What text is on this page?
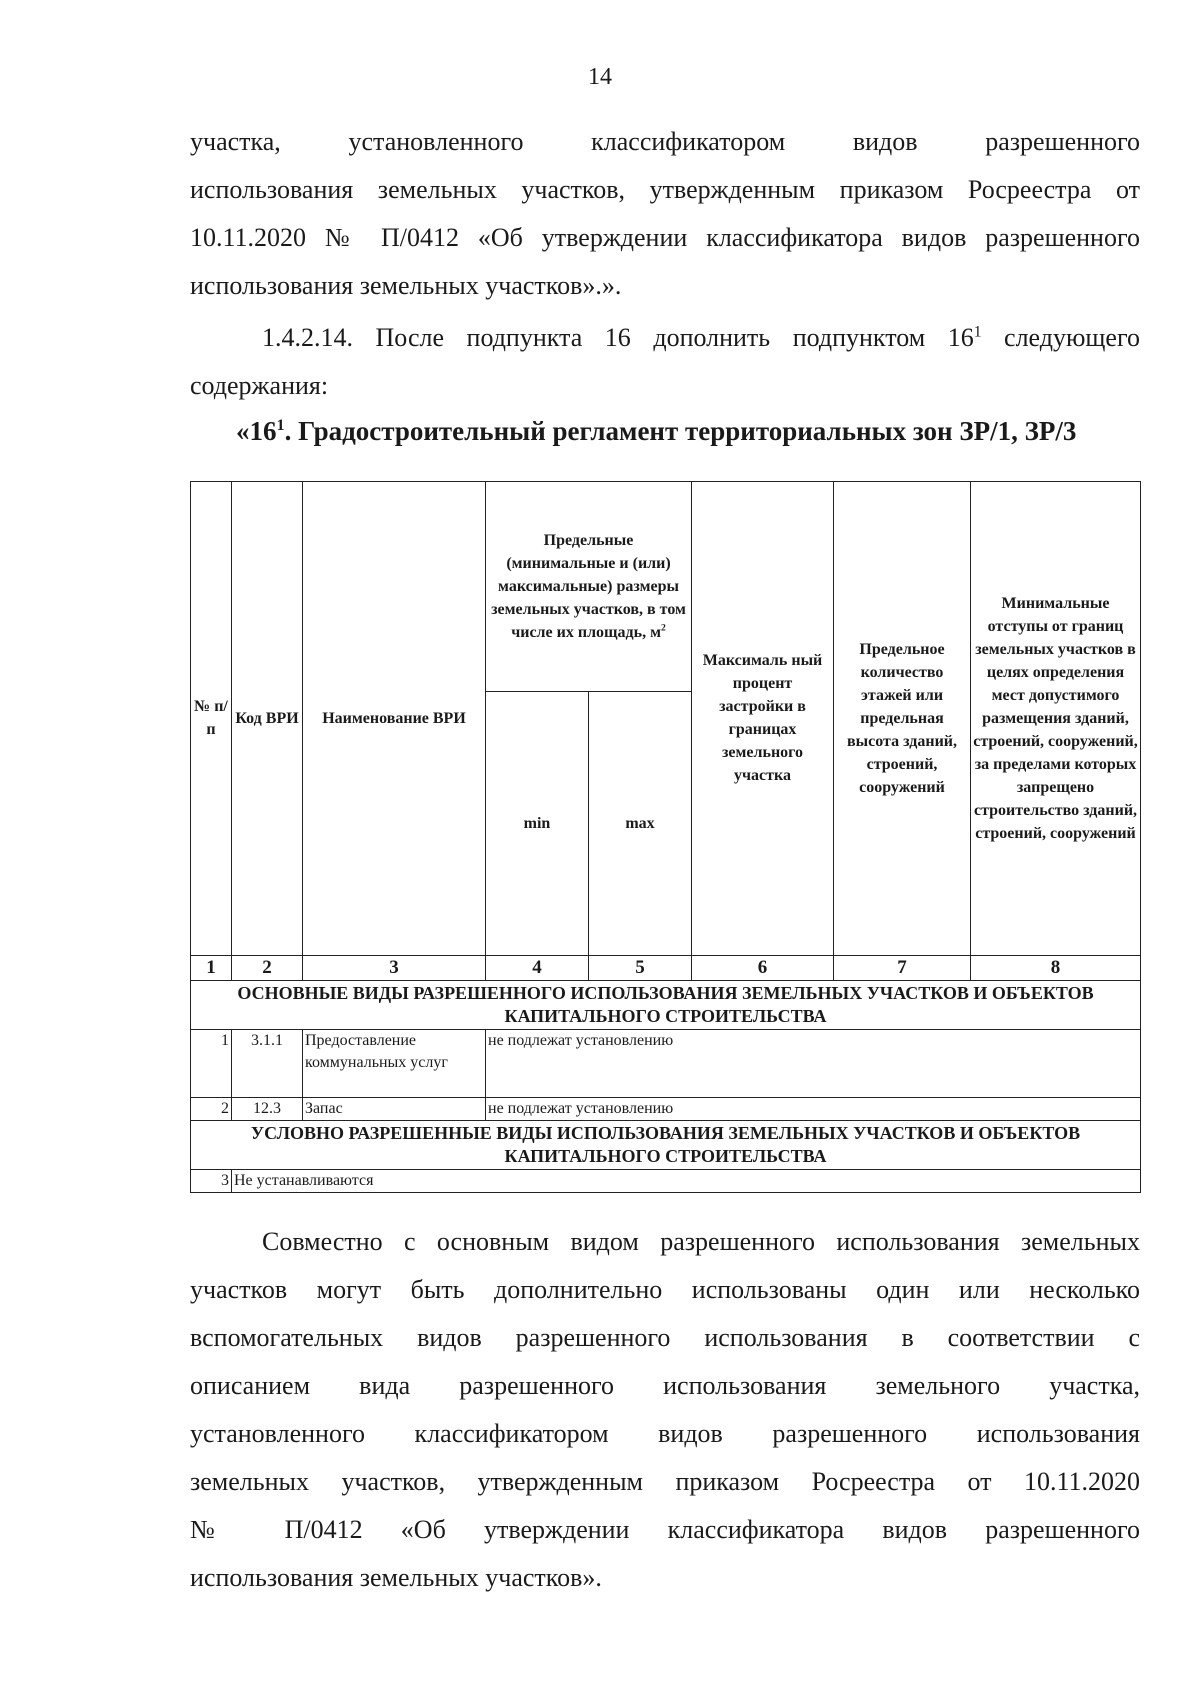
14
участка, установленного классификатором видов разрешенного
использования земельных участков, утвержденным приказом Росреестра от
10.11.2020 № П/0412 «Об утверждении классификатора видов разрешенного
использования земельных участков».».
1.4.2.14. После подпункта 16 дополнить подпунктом $16^1$ следующего содержания:
«$16^1$. Градостроительный регламент территориальных зон ЗР/1, ЗР/3
№ п/п	Код ВРИ	Наименование ВРИ	Предельные (минимальные и (или) максимальные) размеры земельных участков, в том числе их площадь, $м^2$		Максималь ный процент застройки в границах земельного участка	Предельное количество этажей или предельная высота зданий, строений, сооружений	Минимальные отступы от границ земельных участков в целях определения мест допустимого размещения зданий, строений, сооружений, за пределами которых запрещено строительство зданий, строений, сооружений
			min	max			
1	2	3	4	5	6	7	8
ОСНОВНЫЕ ВИДЫ РАЗРЕШЕННОГО ИСПОЛЬЗОВАНИЯ ЗЕМЕЛЬНЫХ УЧАСТКОВ И ОБЪЕКТОВ КАПИТАЛЬНОГО СТРОИТЕЛЬСТВА							
1	3.1.1	Предоставление коммунальных услуг	не подлежат установлению				
2	12.3	Запас	не подлежат установлению				
УСЛОВНО РАЗРЕШЕННЫЕ ВИДЫ ИСПОЛЬЗОВАНИЯ ЗЕМЕЛЬНЫХ УЧАСТКОВ И ОБЪЕКТОВ КАПИТАЛЬНОГО СТРОИТЕЛЬСТВА							
3	Не устанавливаются						
Совместно с основным видом разрешенного использования земельных
участков могут быть дополнительно использованы один или несколько
вспомогательных видов разрешенного использования в соответствии с
описанием вида разрешенного использования земельного участка,
установленного классификатором видов разрешенного использования
земельных участков, утвержденным приказом Росреестра от 10.11.2020
№ П/0412 «Об утверждении классификатора видов разрешенного
использования земельных участков».
